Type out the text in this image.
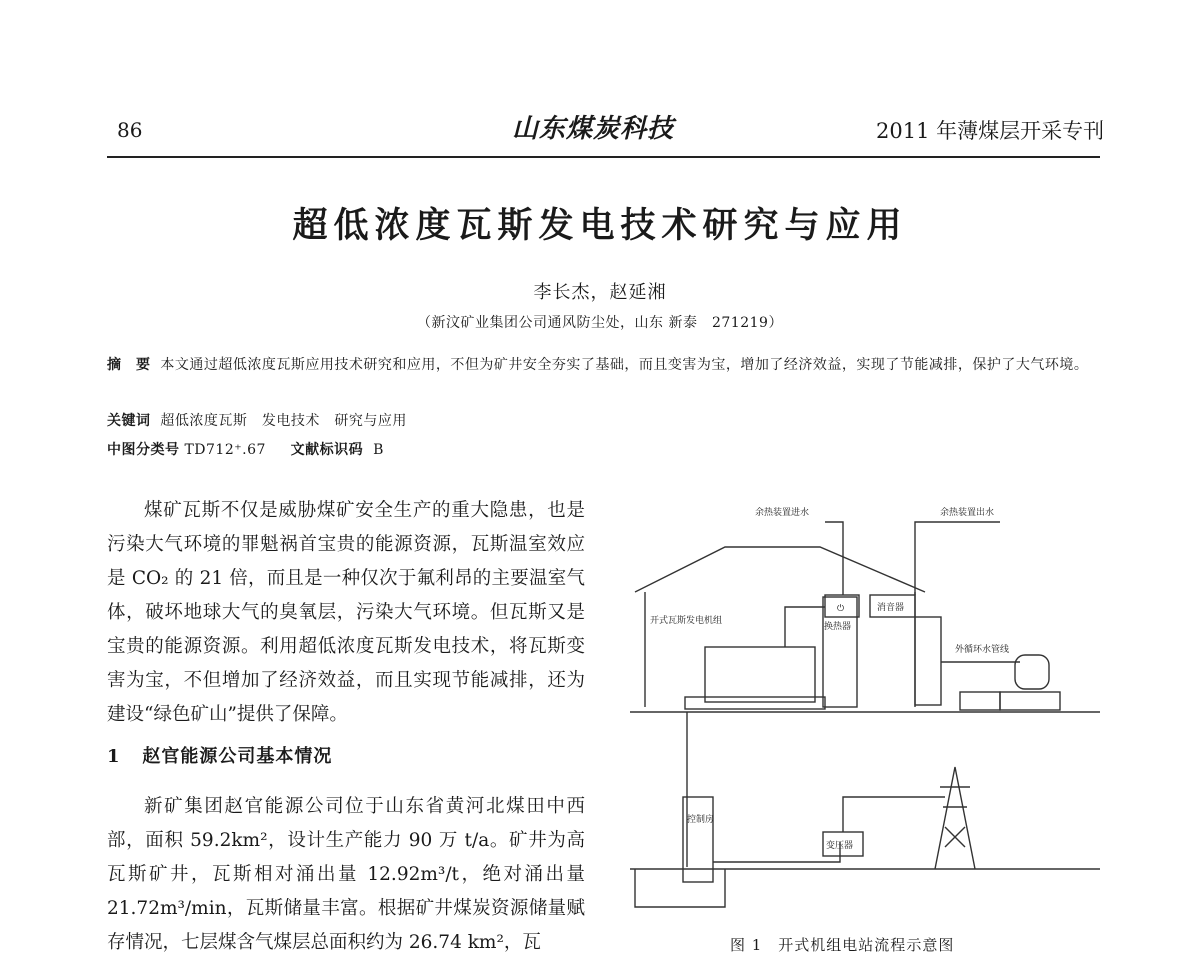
86	山东煤炭科技	2011 年薄煤层开采专刊
超低浓度瓦斯发电技术研究与应用
李长杰，赵延湘
（新汶矿业集团公司通风防尘处，山东 新泰　271219）
摘　要 本文通过超低浓度瓦斯应用技术研究和应用，不但为矿井安全夯实了基础，而且变害为宝，增加了经济效益，实现了节能减排，保护了大气环境。
关键词 超低浓度瓦斯　发电技术　研究与应用
中图分类号 TD712⁺.67 文献标识码 B

煤矿瓦斯不仅是威胁煤矿安全生产的重大隐患，也是污染大气环境的罪魁祸首宝贵的能源资源，瓦斯温室效应是 CO₂ 的 21 倍，而且是一种仅次于氟利昂的主要温室气体，破坏地球大气的臭氧层，污染大气环境。但瓦斯又是宝贵的能源资源。利用超低浓度瓦斯发电技术，将瓦斯变害为宝，不但增加了经济效益，而且实现节能减排，还为建设“绿色矿山”提供了保障。

1 赵官能源公司基本情况

新矿集团赵官能源公司位于山东省黄河北煤田中西部，面积 59.2km²，设计生产能力 90 万 t/a。矿井为高瓦斯矿井，瓦斯相对涌出量 12.92m³/t，绝对涌出量 21.72m³/min，瓦斯储量丰富。根据矿井煤炭资源储量赋存情况，七层煤含气煤层总面积约为 26.74 km²，瓦

余热装置进水	余热装置出水
开式瓦斯发电机组
换热器
消音器
⏻
外循环水管线
控制房
变压器
图 1　开式机组电站流程示意图
